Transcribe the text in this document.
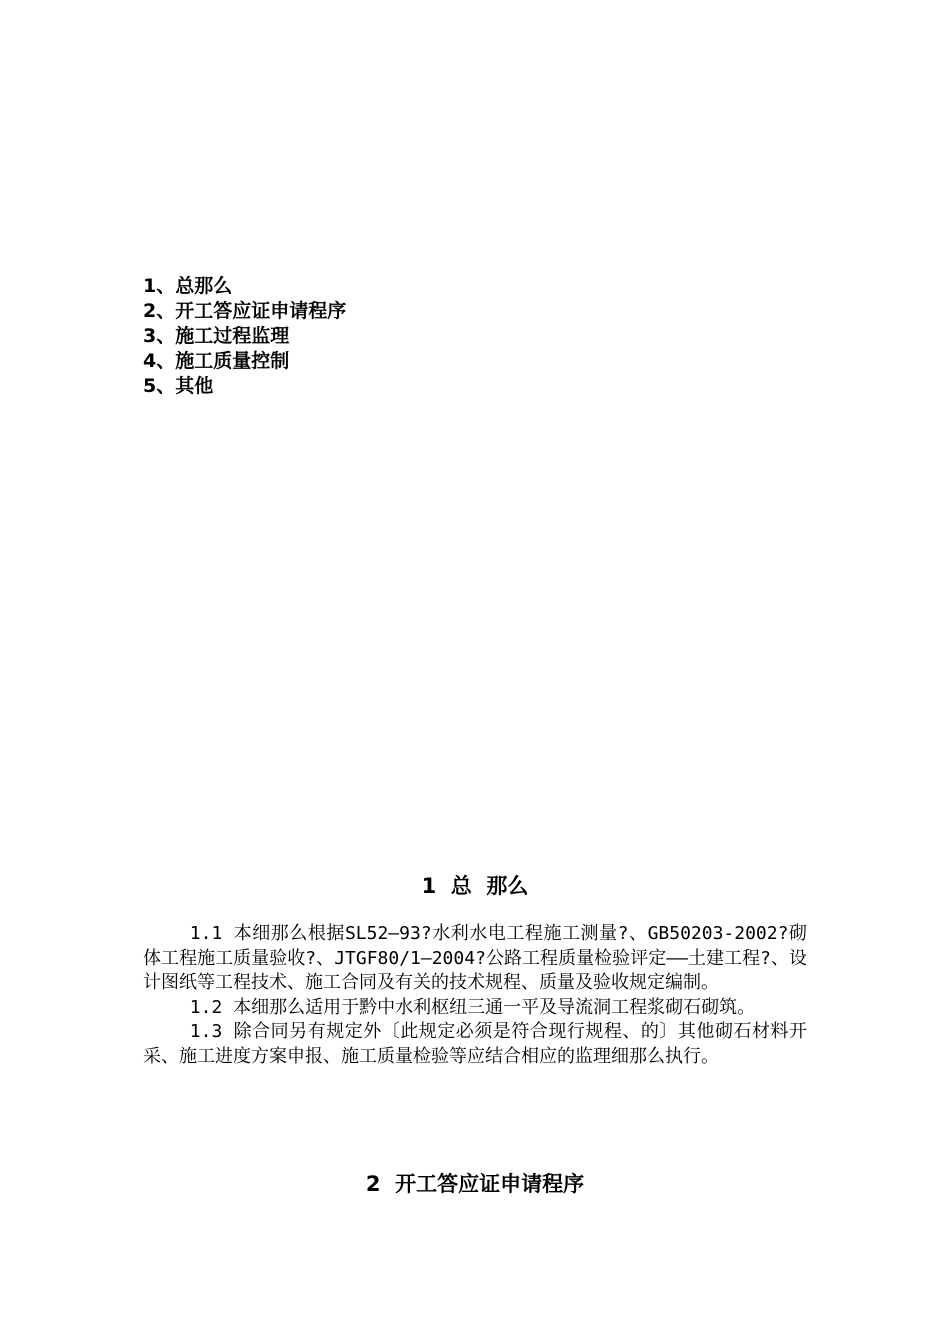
1、总那么
2、开工答应证申请程序
3、施工过程监理
4、施工质量控制
5、其他
1  总  那么

1.1 本细那么根据SL52—93?水利水电工程施工测量?、GB50203-2002?砌体工程施工质量验收?、JTGF80/1—2004?公路工程质量检验评定——土建工程?、设计图纸等工程技术、施工合同及有关的技术规程、质量及验收规定编制。

1.2 本细那么适用于黔中水利枢纽三通一平及导流洞工程浆砌石砌筑。

1.3 除合同另有规定外〔此规定必须是符合现行规程、的〕其他砌石材料开采、施工进度方案申报、施工质量检验等应结合相应的监理细那么执行。

2  开工答应证申请程序
